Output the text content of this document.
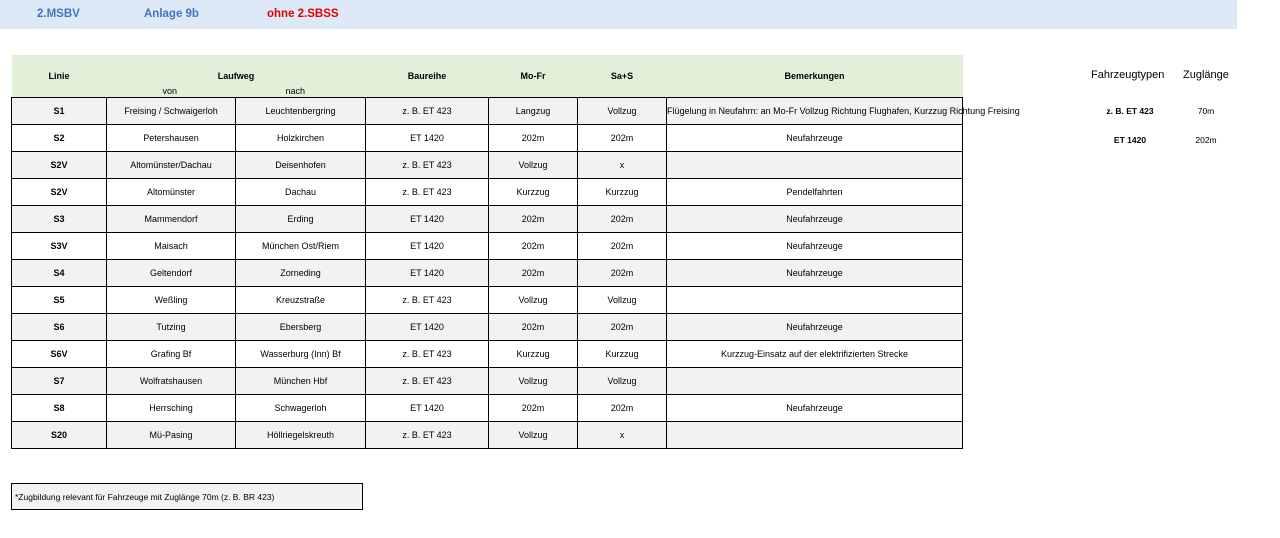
2.MSBV	Anlage 9b	ohne 2.SBSS
Linie	Laufweg
von nach		Baureihe	Mo-Fr	Sa+S	Bemerkungen
S1	Freising / Schwaigerloh	Leuchtenbergring	z. B. ET 423	Langzug	Vollzug	Flügelung in Neufahrn: an Mo-Fr Vollzug Richtung Flughafen, Kurzzug Richtung Freising
S2	Petershausen	Holzkirchen	ET 1420	202m	202m	Neufahrzeuge
S2V	Altomünster/Dachau	Deisenhofen	z. B. ET 423	Vollzug	x	
S2V	Altomünster	Dachau	z. B. ET 423	Kurzzug	Kurzzug	Pendelfahrten
S3	Mammendorf	Erding	ET 1420	202m	202m	Neufahrzeuge
S3V	Maisach	München Ost/Riem	ET 1420	202m	202m	Neufahrzeuge
S4	Geltendorf	Zorneding	ET 1420	202m	202m	Neufahrzeuge
S5	Weßling	Kreuzstraße	z. B. ET 423	Vollzug	Vollzug	
S6	Tutzing	Ebersberg	ET 1420	202m	202m	Neufahrzeuge
S6V	Grafing Bf	Wasserburg (Inn) Bf	z. B. ET 423	Kurzzug	Kurzzug	Kurzzug-Einsatz auf der elektrifizierten Strecke
S7	Wolfratshausen	München Hbf	z. B. ET 423	Vollzug	Vollzug	
S8	Herrsching	Schwagerloh	ET 1420	202m	202m	Neufahrzeuge
S20	Mü-Pasing	Höllriegelskreuth	z. B. ET 423	Vollzug	x	
Fahrzeugtypen Zuglänge
z. B. ET 423	70m
ET 1420	202m
*Zugbildung relevant für Fahrzeuge mit Zuglänge 70m (z. B. BR 423)
